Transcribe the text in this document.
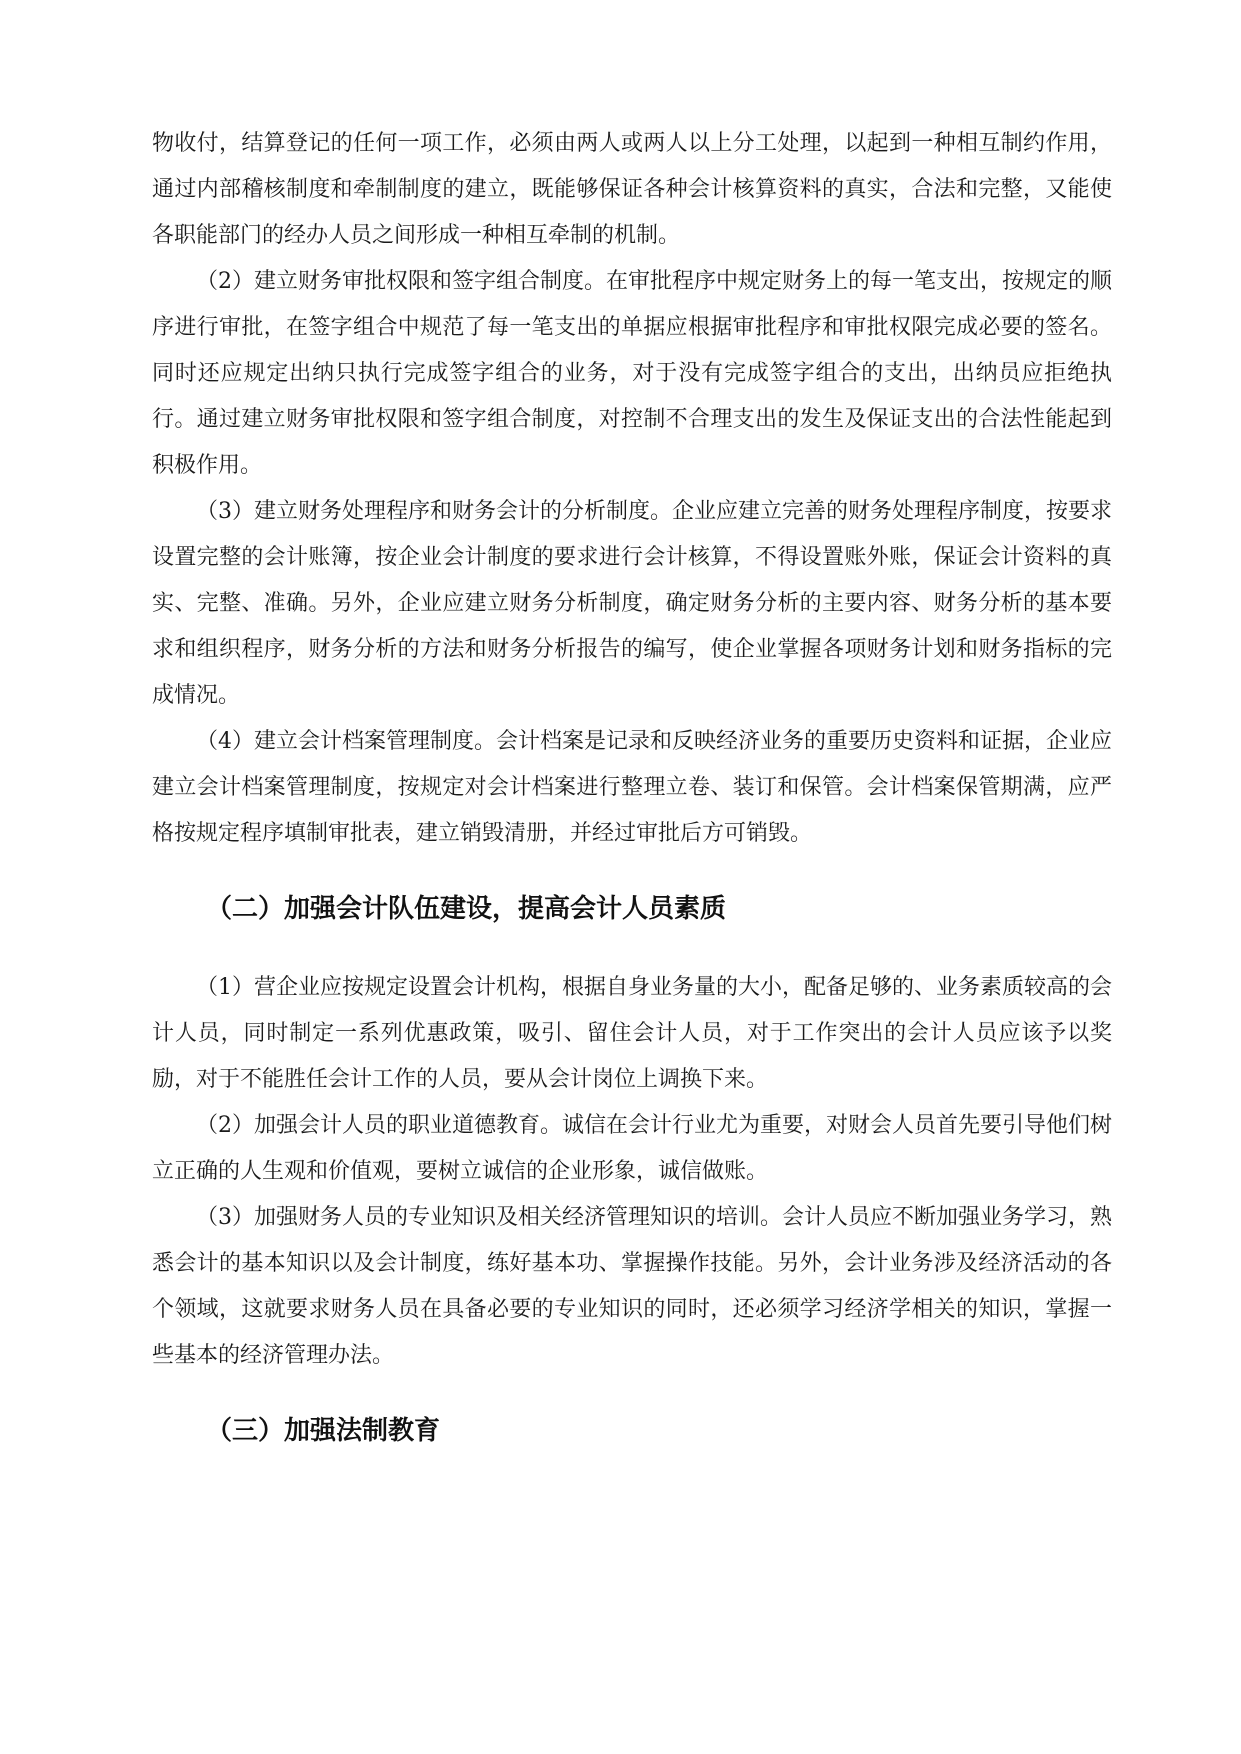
物收付，结算登记的任何一项工作，必须由两人或两人以上分工处理，以起到一种相互制约作用，通过内部稽核制度和牵制制度的建立，既能够保证各种会计核算资料的真实，合法和完整，又能使各职能部门的经办人员之间形成一种相互牵制的机制。

（2）建立财务审批权限和签字组合制度。在审批程序中规定财务上的每一笔支出，按规定的顺序进行审批，在签字组合中规范了每一笔支出的单据应根据审批程序和审批权限完成必要的签名。同时还应规定出纳只执行完成签字组合的业务，对于没有完成签字组合的支出，出纳员应拒绝执行。通过建立财务审批权限和签字组合制度，对控制不合理支出的发生及保证支出的合法性能起到积极作用。

（3）建立财务处理程序和财务会计的分析制度。企业应建立完善的财务处理程序制度，按要求设置完整的会计账簿，按企业会计制度的要求进行会计核算，不得设置账外账，保证会计资料的真实、完整、准确。另外，企业应建立财务分析制度，确定财务分析的主要内容、财务分析的基本要求和组织程序，财务分析的方法和财务分析报告的编写，使企业掌握各项财务计划和财务指标的完成情况。

（4）建立会计档案管理制度。会计档案是记录和反映经济业务的重要历史资料和证据，企业应建立会计档案管理制度，按规定对会计档案进行整理立卷、装订和保管。会计档案保管期满，应严格按规定程序填制审批表，建立销毁清册，并经过审批后方可销毁。

（二）加强会计队伍建设，提高会计人员素质

（1）营企业应按规定设置会计机构，根据自身业务量的大小，配备足够的、业务素质较高的会计人员，同时制定一系列优惠政策，吸引、留住会计人员，对于工作突出的会计人员应该予以奖励，对于不能胜任会计工作的人员，要从会计岗位上调换下来。

（2）加强会计人员的职业道德教育。诚信在会计行业尤为重要，对财会人员首先要引导他们树立正确的人生观和价值观，要树立诚信的企业形象，诚信做账。

（3）加强财务人员的专业知识及相关经济管理知识的培训。会计人员应不断加强业务学习，熟悉会计的基本知识以及会计制度，练好基本功、掌握操作技能。另外，会计业务涉及经济活动的各个领域，这就要求财务人员在具备必要的专业知识的同时，还必须学习经济学相关的知识，掌握一些基本的经济管理办法。

（三）加强法制教育
